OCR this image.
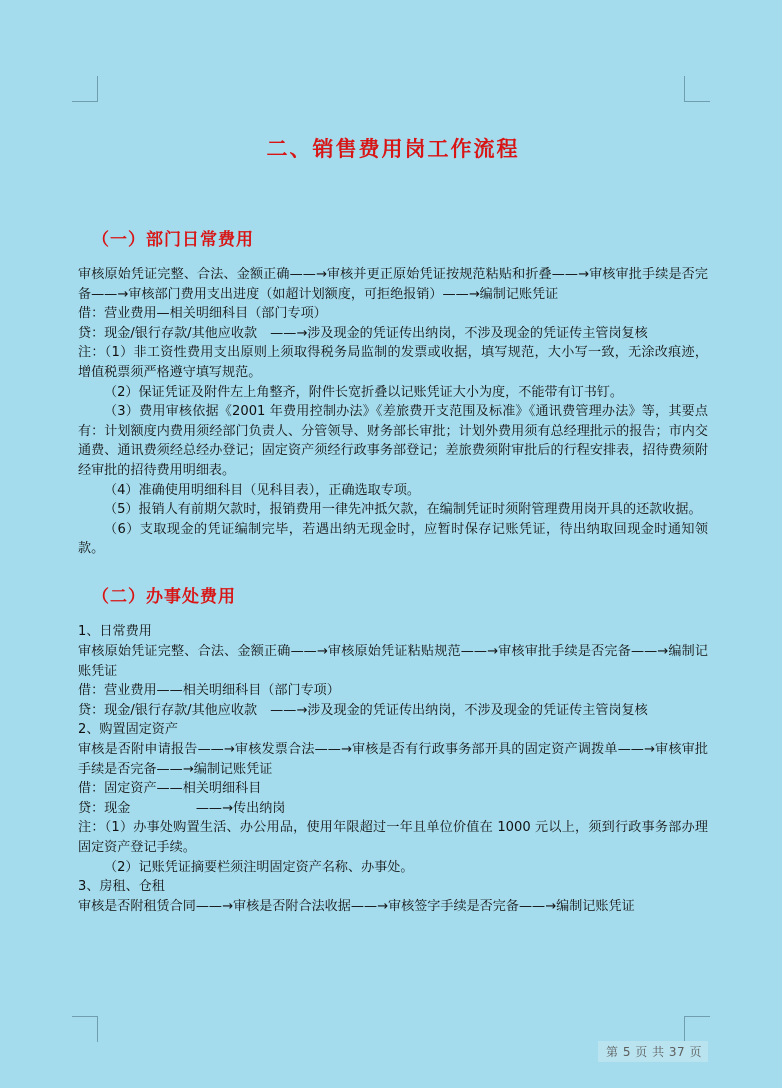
二、销售费用岗工作流程
（一）部门日常费用

审核原始凭证完整、合法、金额正确——→审核并更正原始凭证按规范粘贴和折叠——→审核审批手续是否完备——→审核部门费用支出进度（如超计划额度，可拒绝报销）——→编制记账凭证

借：营业费用—相关明细科目（部门专项）

贷：现金/银行存款/其他应收款　——→涉及现金的凭证传出纳岗，不涉及现金的凭证传主管岗复核

注：（1）非工资性费用支出原则上须取得税务局监制的发票或收据，填写规范，大小写一致，无涂改痕迹，增值税票须严格遵守填写规范。

（2）保证凭证及附件左上角整齐，附件长宽折叠以记账凭证大小为度，不能带有订书钉。

（3）费用审核依据《2001 年费用控制办法》《差旅费开支范围及标准》《通讯费管理办法》等，其要点有：计划额度内费用须经部门负责人、分管领导、财务部长审批；计划外费用须有总经理批示的报告；市内交通费、通讯费须经总经办登记；固定资产须经行政事务部登记；差旅费须附审批后的行程安排表，招待费须附经审批的招待费用明细表。

（4）准确使用明细科目（见科目表），正确选取专项。

（5）报销人有前期欠款时，报销费用一律先冲抵欠款，在编制凭证时须附管理费用岗开具的还款收据。

（6）支取现金的凭证编制完毕，若遇出纳无现金时，应暂时保存记账凭证，待出纳取回现金时通知领款。

（二）办事处费用

1、日常费用

审核原始凭证完整、合法、金额正确——→审核原始凭证粘贴规范——→审核审批手续是否完备——→编制记账凭证

借：营业费用——相关明细科目（部门专项）

贷：现金/银行存款/其他应收款　——→涉及现金的凭证传出纳岗，不涉及现金的凭证传主管岗复核

2、购置固定资产

审核是否附申请报告——→审核发票合法——→审核是否有行政事务部开具的固定资产调拨单——→审核审批手续是否完备——→编制记账凭证

借：固定资产——相关明细科目

贷：现金　　　　　——→传出纳岗

注：（1）办事处购置生活、办公用品，使用年限超过一年且单位价值在 1000 元以上，须到行政事务部办理固定资产登记手续。

（2）记账凭证摘要栏须注明固定资产名称、办事处。

3、房租、仓租

审核是否附租赁合同——→审核是否附合法收据——→审核签字手续是否完备——→编制记账凭证

第 5 页 共 37 页
